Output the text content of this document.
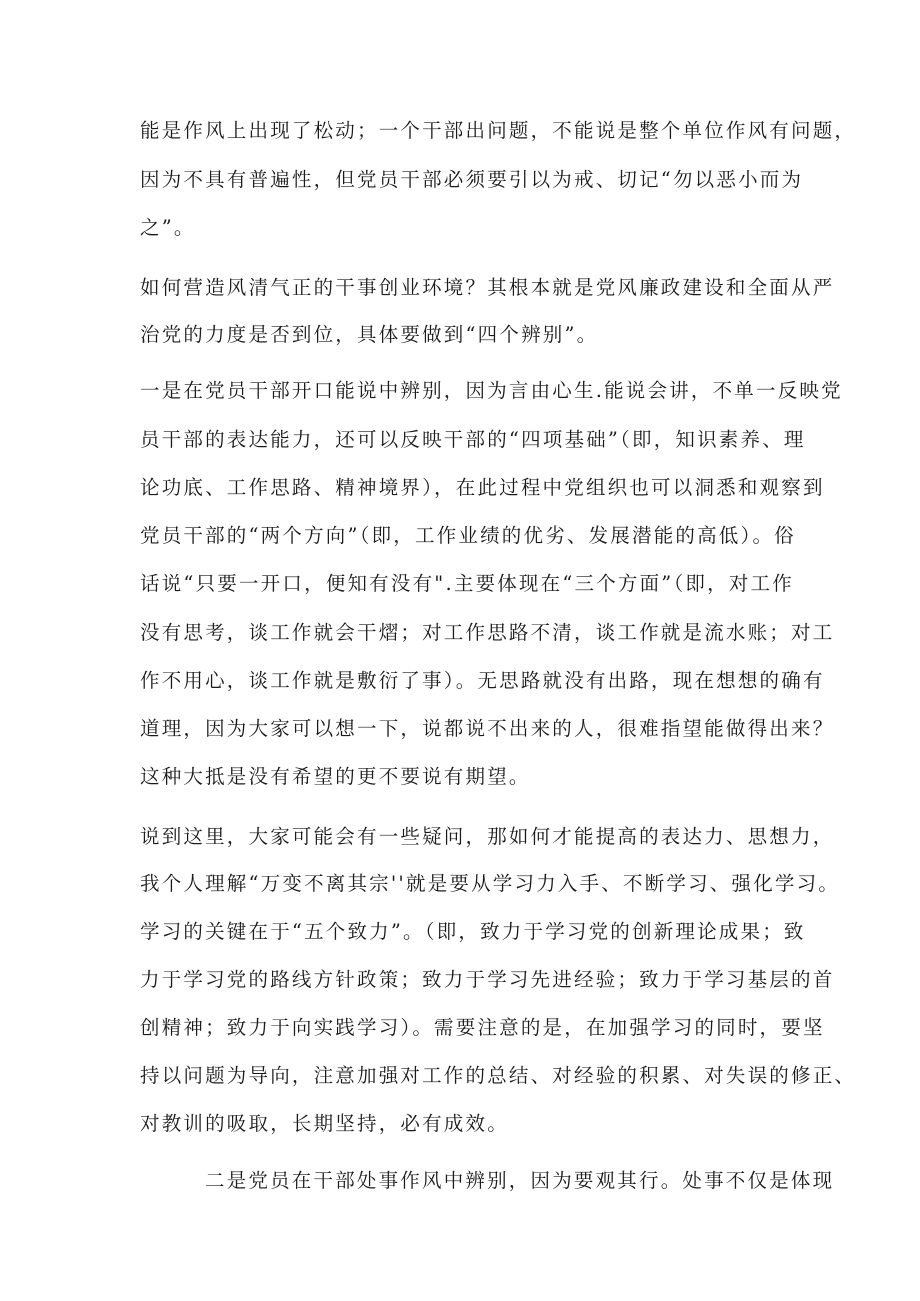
能是作风上出现了松动；一个干部出问题，不能说是整个单位作风有问题，
因为不具有普遍性，但党员干部必须要引以为戒、切记“勿以恶小而为
之”。
如何营造风清气正的干事创业环境？其根本就是党风廉政建设和全面从严
治党的力度是否到位，具体要做到“四个辨别”。
一是在党员干部开口能说中辨别，因为言由心生.能说会讲，不单一反映党
员干部的表达能力，还可以反映干部的“四项基础”（即，知识素养、理
论功底、工作思路、精神境界），在此过程中党组织也可以洞悉和观察到
党员干部的“两个方向”（即，工作业绩的优劣、发展潜能的高低）。俗
话说“只要一开口，便知有没有".主要体现在“三个方面”（即，对工作
没有思考，谈工作就会干熠；对工作思路不清，谈工作就是流水账；对工
作不用心，谈工作就是敷衍了事）。无思路就没有出路，现在想想的确有
道理，因为大家可以想一下，说都说不出来的人，很难指望能做得出来？
这种大抵是没有希望的更不要说有期望。
说到这里，大家可能会有一些疑问，那如何才能提高的表达力、思想力，
我个人理解“万变不离其宗''就是要从学习力入手、不断学习、强化学习。
学习的关键在于“五个致力”。（即，致力于学习党的创新理论成果；致
力于学习党的路线方针政策；致力于学习先进经验；致力于学习基层的首
创精神；致力于向实践学习）。需要注意的是，在加强学习的同时，要坚
持以问题为导向，注意加强对工作的总结、对经验的积累、对失误的修正、
对教训的吸取，长期坚持，必有成效。
二是党员在干部处事作风中辨别，因为要观其行。处事不仅是体现
